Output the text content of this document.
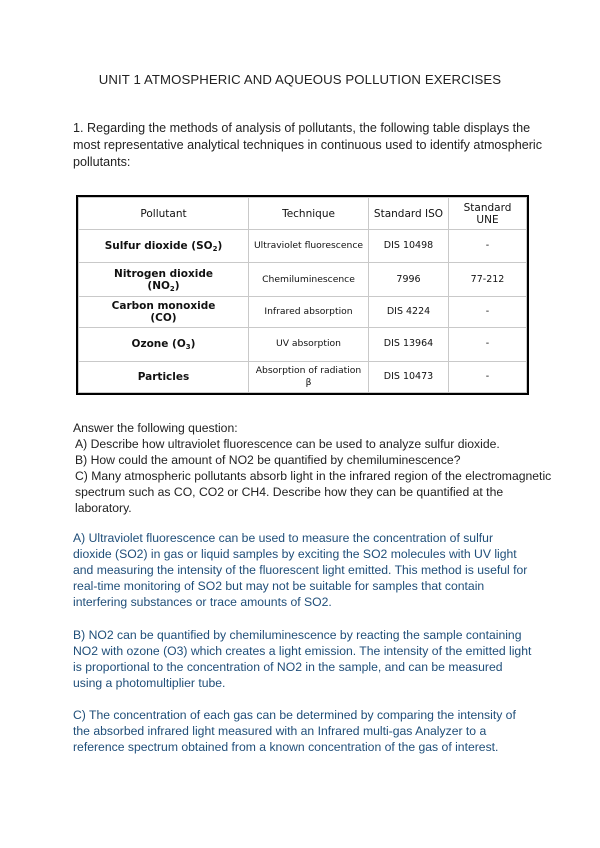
UNIT 1 ATMOSPHERIC AND AQUEOUS POLLUTION EXERCISES
1. Regarding the methods of analysis of pollutants, the following table displays the most representative analytical techniques in continuous used to identify atmospheric pollutants:
Pollutant	Technique	Standard ISO	Standard UNE
Sulfur dioxide $(SO_2)$	Ultraviolet fluorescence	DIS 10498	-
Nitrogen dioxide
$(NO_2)$	Chemiluminescence	7996	77-212
Carbon monoxide
(CO)	Infrared absorption	DIS 4224	-
Ozone $(O_3)$	UV absorption	DIS 13964	-
Particles	Absorption of radiation β	DIS 10473	-

Answer the following question:

A) Describe how ultraviolet fluorescence can be used to analyze sulfur dioxide.

B) How could the amount of NO2 be quantified by chemiluminescence?

C) Many atmospheric pollutants absorb light in the infrared region of the electromagnetic spectrum such as CO, CO2 or CH4. Describe how they can be quantified at the laboratory.

A) Ultraviolet fluorescence can be used to measure the concentration of sulfur dioxide (SO2) in gas or liquid samples by exciting the SO2 molecules with UV light and measuring the intensity of the fluorescent light emitted. This method is useful for real-time monitoring of SO2 but may not be suitable for samples that contain interfering substances or trace amounts of SO2.

B) NO2 can be quantified by chemiluminescence by reacting the sample containing NO2 with ozone (O3) which creates a light emission. The intensity of the emitted light is proportional to the concentration of NO2 in the sample, and can be measured using a photomultiplier tube.

C) The concentration of each gas can be determined by comparing the intensity of the absorbed infrared light measured with an Infrared multi-gas Analyzer to a reference spectrum obtained from a known concentration of the gas of interest.
